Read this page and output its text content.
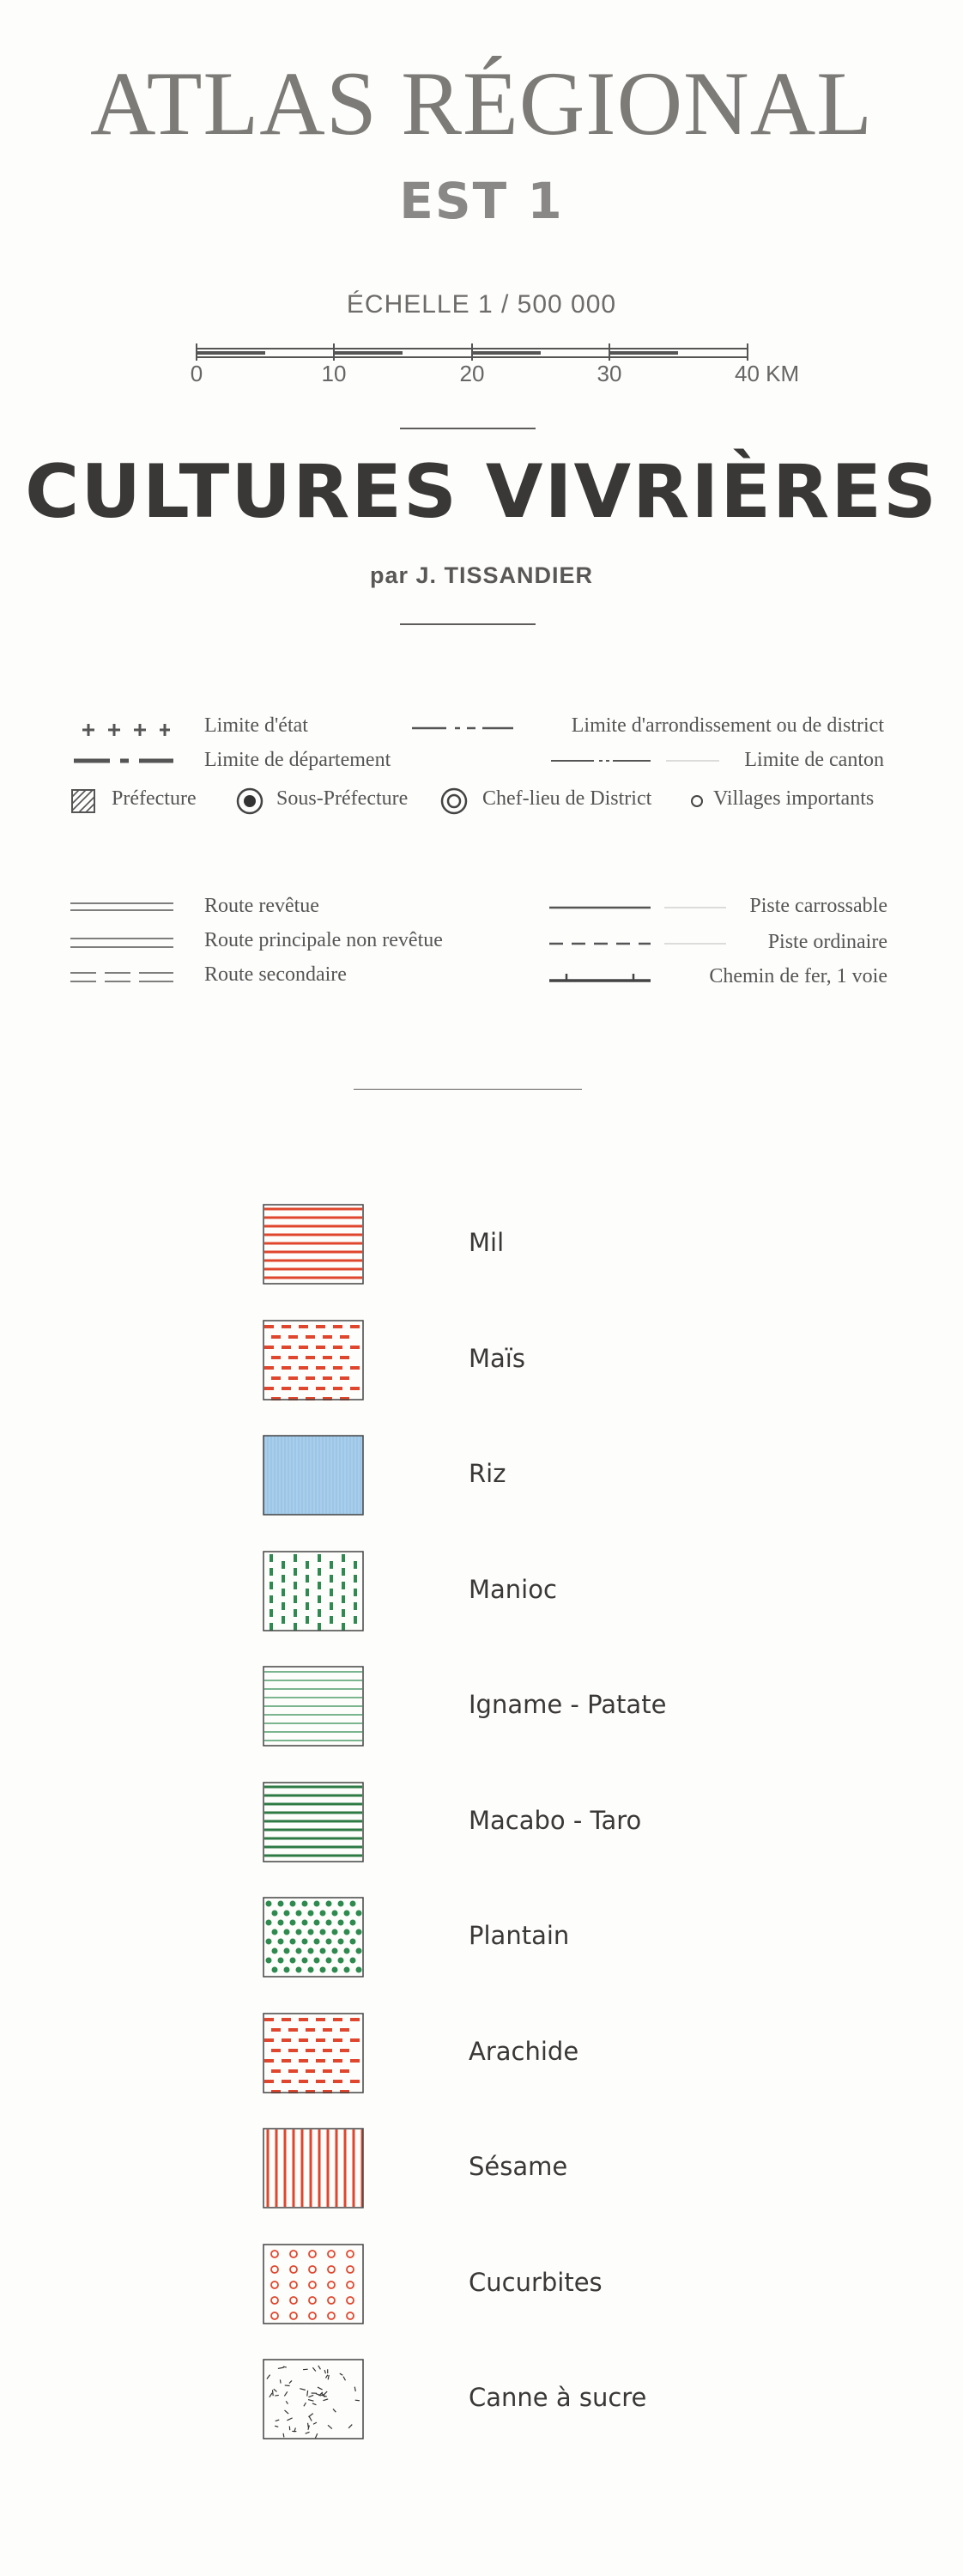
ATLAS RÉGIONAL
EST 1
ÉCHELLE 1 / 500 000
0	10	20	30	40 KM
CULTURES VIVRIÈRES
par J. TISSANDIER
Limite d'état
Limite de département
Limite d'arrondissement ou de district
Limite de canton
Préfecture	Sous-Préfecture	Chef-lieu de District	Villages importants
Route revêtue
Route principale non revêtue
Route secondaire
Piste carrossable
Piste ordinaire
Chemin de fer, 1 voie
Mil
Maïs
Riz
Manioc
Igname - Patate
Macabo - Taro
Plantain
Arachide
Sésame
Cucurbites
Canne à sucre
